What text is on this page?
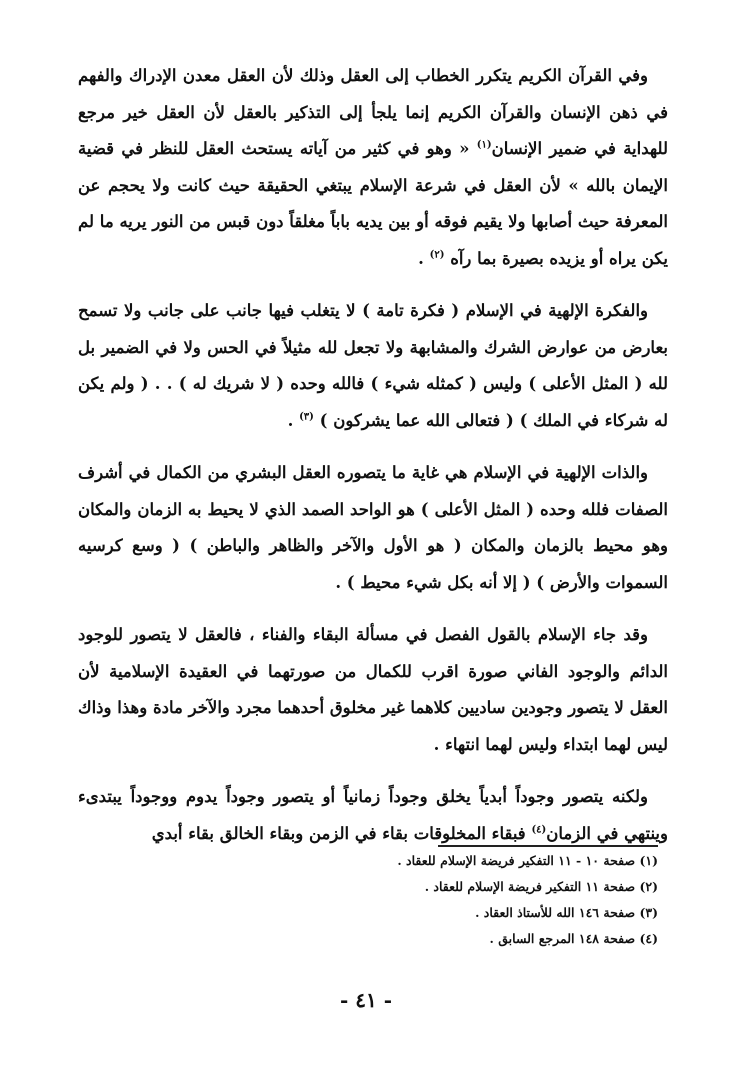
وفي القرآن الكريم يتكرر الخطاب إلى العقل وذلك لأن العقل معدن الإدراك والفهم في ذهن الإنسان والقرآن الكريم إنما يلجأ إلى التذكير بالعقل لأن العقل خير مرجع للهداية في ضمير الإنسان$^{(١)}$ « وهو في كثير من آياته يستحث العقل للنظر في قضية الإيمان بالله » لأن العقل في شرعة الإسلام يبتغي الحقيقة حيث كانت ولا يحجم عن المعرفة حيث أصابها ولا يقيم فوقه أو بين يديه باباً مغلقاً دون قبس من النور يريه ما لم يكن يراه أو يزيده بصيرة بما رآه $^{(٢)}$ .

والفكرة الإلهية في الإسلام ( فكرة تامة ) لا يتغلب فيها جانب على جانب ولا تسمح بعارض من عوارض الشرك والمشابهة ولا تجعل لله مثيلاً في الحس ولا في الضمير بل لله ( المثل الأعلى ) وليس ( كمثله شيء ) فالله وحده ( لا شريك له ) . . ( ولم يكن له شركاء في الملك ) ( فتعالى الله عما يشركون ) $^{(٣)}$ .

والذات الإلهية في الإسلام هي غاية ما يتصوره العقل البشري من الكمال في أشرف الصفات فلله وحده ( المثل الأعلى ) هو الواحد الصمد الذي لا يحيط به الزمان والمكان وهو محيط بالزمان والمكان ( هو الأول والآخر والظاهر والباطن ) ( وسع كرسيه السموات والأرض ) ( إلا أنه بكل شيء محيط ) .

وقد جاء الإسلام بالقول الفصل في مسألة البقاء والفناء ، فالعقل لا يتصور للوجود الدائم والوجود الفاني صورة اقرب للكمال من صورتهما في العقيدة الإسلامية لأن العقل لا يتصور وجودين ساديين كلاهما غير مخلوق أحدهما مجرد والآخر مادة وهذا وذاك ليس لهما ابتداء وليس لهما انتهاء .

ولكنه يتصور وجوداً أبدياً يخلق وجوداً زمانياً أو يتصور وجوداً يدوم ووجوداً يبتدىء وينتهي في الزمان$^{(٤)}$ فبقاء المخلوقات بقاء في الزمن وبقاء الخالق بقاء أبدي

(١) صفحة ١٠ - ١١ التفكير فريضة الإسلام للعقاد .
(٢) صفحة ١١ التفكير فريضة الإسلام للعقاد .
(٣) صفحة ١٤٦ الله للأستاذ العقاد .
(٤) صفحة ١٤٨ المرجع السابق .
- ٤١ -
